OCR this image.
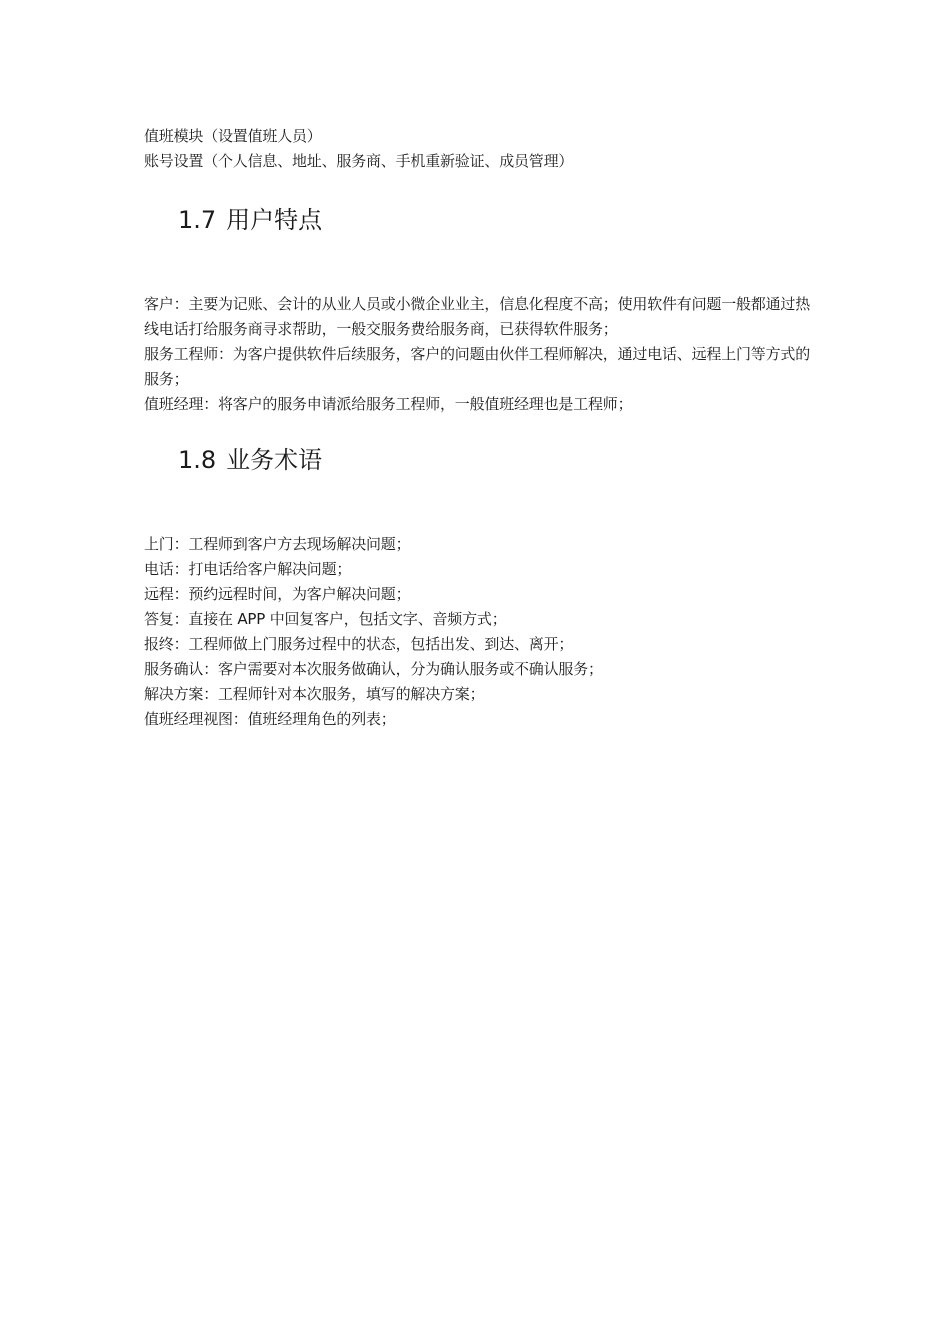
值班模块（设置值班人员）
账号设置（个人信息、地址、服务商、手机重新验证、成员管理）
1.7 用户特点
客户：主要为记账、会计的从业人员或小微企业业主，信息化程度不高；使用软件有问题一般都通过热线电话打给服务商寻求帮助，一般交服务费给服务商，已获得软件服务；
服务工程师：为客户提供软件后续服务，客户的问题由伙伴工程师解决，通过电话、远程上门等方式的服务；
值班经理：将客户的服务申请派给服务工程师，一般值班经理也是工程师；
1.8 业务术语
上门：工程师到客户方去现场解决问题；
电话：打电话给客户解决问题；
远程：预约远程时间，为客户解决问题；
答复：直接在 APP 中回复客户，包括文字、音频方式；
报终：工程师做上门服务过程中的状态，包括出发、到达、离开；
服务确认：客户需要对本次服务做确认，分为确认服务或不确认服务；
解决方案：工程师针对本次服务，填写的解决方案；
值班经理视图：值班经理角色的列表；
